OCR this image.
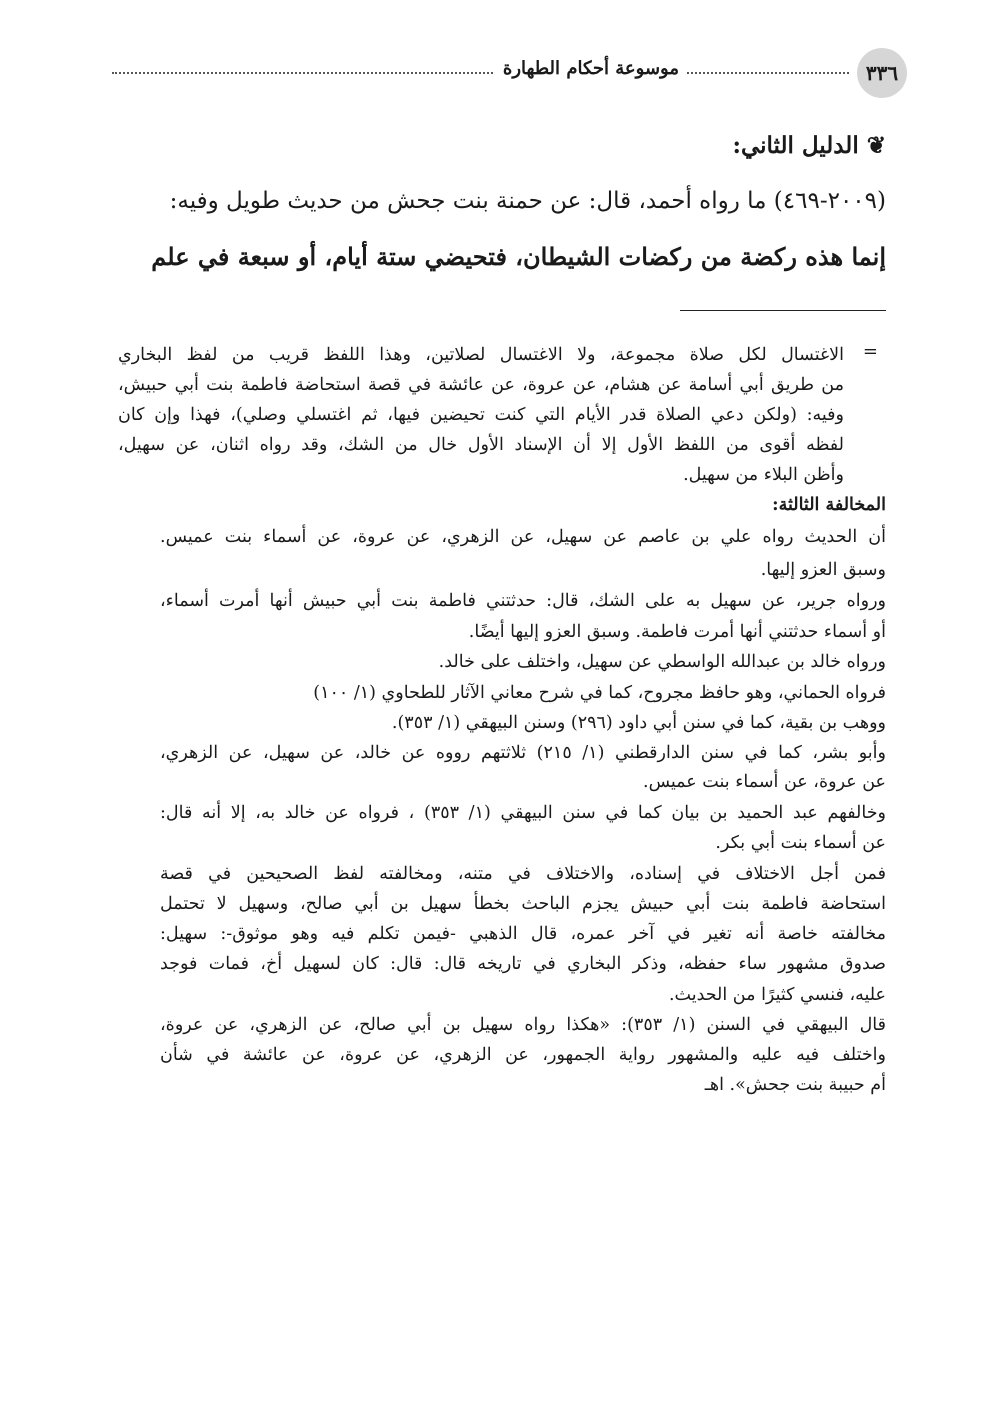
٣٣٦
موسوعة أحكام الطهارة
❦ الدليل الثاني:
(٢٠٠٩-٤٦٩) ما رواه أحمد، قال: عن حمنة بنت جحش من حديث طويل وفيه:
إنما هذه ركضة من ركضات الشيطان، فتحيضي ستة أيام، أو سبعة في علم
=
الاغتسال لكل صلاة مجموعة، ولا الاغتسال لصلاتين، وهذا اللفظ قريب من لفظ البخاري
من طريق أبي أسامة عن هشام، عن عروة، عن عائشة في قصة استحاضة فاطمة بنت أبي حبيش،
وفيه: (ولكن دعي الصلاة قدر الأيام التي كنت تحيضين فيها، ثم اغتسلي وصلي)، فهذا وإن كان
لفظه أقوى من اللفظ الأول إلا أن الإسناد الأول خال من الشك، وقد رواه اثنان، عن سهيل،
وأظن البلاء من سهيل.
المخالفة الثالثة:
أن الحديث رواه علي بن عاصم عن سهيل، عن الزهري، عن عروة، عن أسماء بنت عميس.
وسبق العزو إليها.
ورواه جرير، عن سهيل به على الشك، قال: حدثتني فاطمة بنت أبي حبيش أنها أمرت أسماء،
أو أسماء حدثتني أنها أمرت فاطمة. وسبق العزو إليها أيضًا.
ورواه خالد بن عبدالله الواسطي عن سهيل، واختلف على خالد.
فرواه الحماني، وهو حافظ مجروح، كما في شرح معاني الآثار للطحاوي (١/ ١٠٠)
ووهب بن بقية، كما في سنن أبي داود (٢٩٦) وسنن البيهقي (١/ ٣٥٣).
وأبو بشر، كما في سنن الدارقطني (١/ ٢١٥) ثلاثتهم رووه عن خالد، عن سهيل، عن الزهري،
عن عروة، عن أسماء بنت عميس.
وخالفهم عبد الحميد بن بيان كما في سنن البيهقي (١/ ٣٥٣) ، فرواه عن خالد به، إلا أنه قال:
عن أسماء بنت أبي بكر.
فمن أجل الاختلاف في إسناده، والاختلاف في متنه، ومخالفته لفظ الصحيحين في قصة
استحاضة فاطمة بنت أبي حبيش يجزم الباحث بخطأ سهيل بن أبي صالح، وسهيل لا تحتمل
مخالفته خاصة أنه تغير في آخر عمره، قال الذهبي -فيمن تكلم فيه وهو موثوق-: سهيل:
صدوق مشهور ساء حفظه، وذكر البخاري في تاريخه قال: قال: كان لسهيل أخ، فمات فوجد
عليه، فنسي كثيرًا من الحديث.
قال البيهقي في السنن (١/ ٣٥٣): «هكذا رواه سهيل بن أبي صالح، عن الزهري، عن عروة،
واختلف فيه عليه والمشهور رواية الجمهور، عن الزهري، عن عروة، عن عائشة في شأن
أم حبيبة بنت جحش». اهـ
